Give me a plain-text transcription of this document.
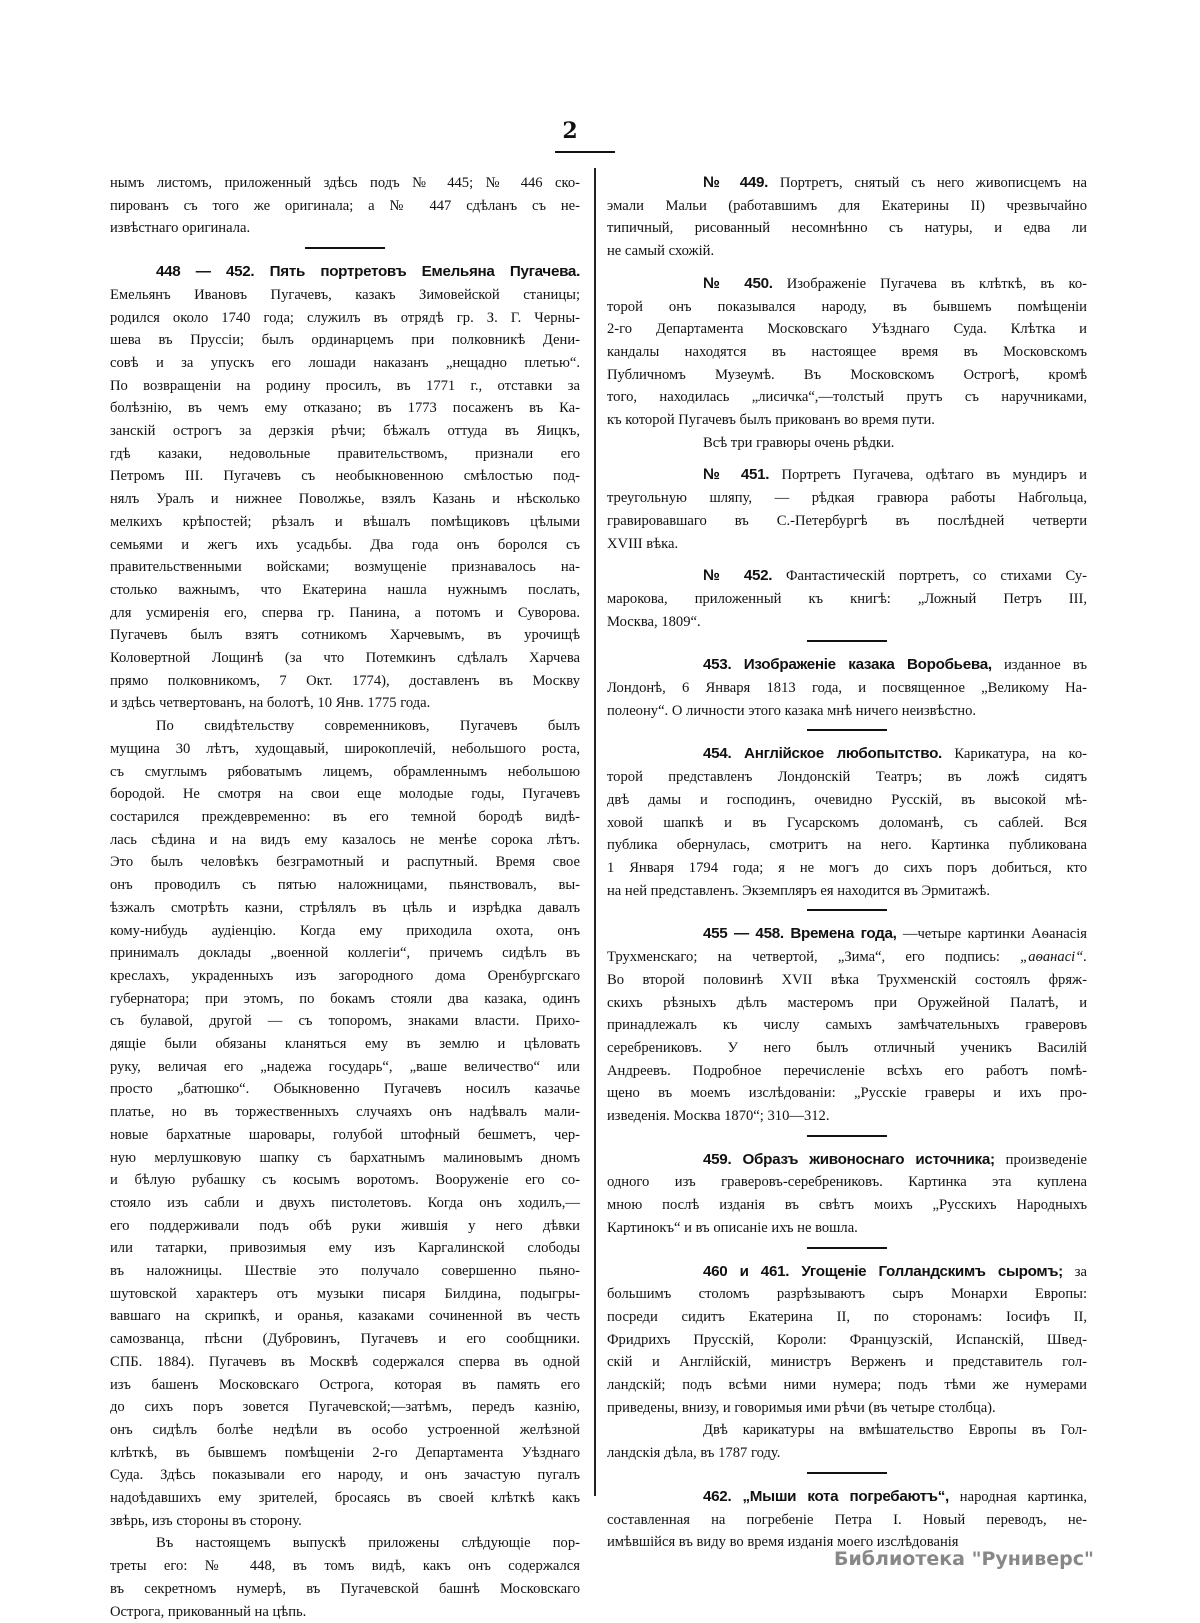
2
нымъ листомъ, приложенный здѣсь подъ № 445; № 446 ско-
пированъ съ того же оригинала; а № 447 сдѣланъ съ не-
извѣстнаго оригинала.
448 — 452. Пять портретовъ Емельяна Пугачева.
Емельянъ Ивановъ Пугачевъ, казакъ Зимовейской станицы;
родился около 1740 года; служилъ въ отрядѣ гр. З. Г. Черны-
шева въ Пруссіи; былъ ординарцемъ при полковникѣ Дени-
совѣ и за упускъ его лошади наказанъ „нещадно плетью“.
По возвращеніи на родину просилъ, въ 1771 г., отставки за
болѣзнію, въ чемъ ему отказано; въ 1773 посаженъ въ Ка-
занскій острогъ за дерзкія рѣчи; бѣжалъ оттуда въ Яицкъ,
гдѣ казаки, недовольные правительствомъ, признали его
Петромъ III. Пугачевъ съ необыкновенною смѣлостью под-
нялъ Уралъ и нижнее Поволжье, взялъ Казань и нѣсколько
мелкихъ крѣпостей; рѣзалъ и вѣшалъ помѣщиковъ цѣлыми
семьями и жегъ ихъ усадьбы. Два года онъ боролся съ
правительственными войсками; возмущеніе признавалось на-
столько важнымъ, что Екатерина нашла нужнымъ послать,
для усмиренія его, сперва гр. Панина, а потомъ и Суворова.
Пугачевъ былъ взятъ сотникомъ Харчевымъ, въ урочищѣ
Коловертной Лощинѣ (за что Потемкинъ сдѣлалъ Харчева
прямо полковникомъ, 7 Окт. 1774), доставленъ въ Москву
и здѣсь четвертованъ, на болотѣ, 10 Янв. 1775 года.
По свидѣтельству современниковъ, Пугачевъ былъ
мущина 30 лѣтъ, худощавый, широкоплечій, небольшого роста,
съ смуглымъ рябоватымъ лицемъ, обрамленнымъ небольшою
бородой. Не смотря на свои еще молодые годы, Пугачевъ
состарился преждевременно: въ его темной бородѣ видѣ-
лась сѣдина и на видъ ему казалось не менѣе сорока лѣтъ.
Это былъ человѣкъ безграмотный и распутный. Время свое
онъ проводилъ съ пятью наложницами, пьянствовалъ, вы-
ѣзжалъ смотрѣть казни, стрѣлялъ въ цѣль и изрѣдка давалъ
кому-нибудь аудіенцію. Когда ему приходила охота, онъ
принималъ доклады „военной коллегіи“, причемъ сидѣлъ въ
креслахъ, украденныхъ изъ загородного дома Оренбургскаго
губернатора; при этомъ, по бокамъ стояли два казака, одинъ
съ булавой, другой — съ топоромъ, знаками власти. Прихо-
дящіе были обязаны кланяться ему въ землю и цѣловать
руку, величая его „надежа государь“, „ваше величество“ или
просто „батюшко“. Обыкновенно Пугачевъ носилъ казачье
платье, но въ торжественныхъ случаяхъ онъ надѣвалъ мали-
новые бархатные шаровары, голубой штофный бешметъ, чер-
ную мерлушковую шапку съ бархатнымъ малиновымъ дномъ
и бѣлую рубашку съ косымъ воротомъ. Вооруженіе его со-
стояло изъ сабли и двухъ пистолетовъ. Когда онъ ходилъ,—
его поддерживали подъ обѣ руки жившія у него дѣвки
или татарки, привозимыя ему изъ Каргалинской слободы
въ наложницы. Шествіе это получало совершенно пьяно-
шутовской характеръ отъ музыки писаря Билдина, подыгры-
вавшаго на скрипкѣ, и оранья, казаками сочиненной въ честь
самозванца, пѣсни (Дубровинъ, Пугачевъ и его сообщники.
СПБ. 1884). Пугачевъ въ Москвѣ содержался сперва въ одной
изъ башенъ Московскаго Острога, которая въ память его
до сихъ поръ зовется Пугачевской;—затѣмъ, передъ казнію,
онъ сидѣлъ болѣе недѣли въ особо устроенной желѣзной
клѣткѣ, въ бывшемъ помѣщеніи 2-го Департамента Уѣзднаго
Суда. Здѣсь показывали его народу, и онъ зачастую пугалъ
надоѣдавшихъ ему зрителей, бросаясь въ своей клѣткѣ какъ
звѣрь, изъ стороны въ сторону.
Въ настоящемъ выпускѣ приложены слѣдующіе пор-
треты его: № 448, въ томъ видѣ, какъ онъ содержался
въ секретномъ нумерѣ, въ Пугачевской башнѣ Московскаго
Острога, прикованный на цѣпь.
№ 449. Портретъ, снятый съ него живописцемъ на
эмали Мальи (работавшимъ для Екатерины II) чрезвычайно
типичный, рисованный несомнѣнно съ натуры, и едва ли
не самый схожій.
№ 450. Изображеніе Пугачева въ клѣткѣ, въ ко-
торой онъ показывался народу, въ бывшемъ помѣщеніи
2-го Департамента Московскаго Уѣзднаго Суда. Клѣтка и
кандалы находятся въ настоящее время въ Московскомъ
Публичномъ Музеумѣ. Въ Московскомъ Острогѣ, кромѣ
того, находилась „лисичка“,—толстый прутъ съ наручниками,
къ которой Пугачевъ былъ прикованъ во время пути.
Всѣ три гравюры очень рѣдки.
№ 451. Портретъ Пугачева, одѣтаго въ мундиръ и
треугольную шляпу, — рѣдкая гравюра работы Набгольца,
гравировавшаго въ С.-Петербургѣ въ послѣдней четверти
XVIII вѣка.
№ 452. Фантастическій портретъ, со стихами Су-
марокова, приложенный къ книгѣ: „Ложный Петръ III,
Москва, 1809“.
453. Изображеніе казака Воробьева, изданное въ
Лондонѣ, 6 Января 1813 года, и посвященное „Великому На-
полеону“. О личности этого казака мнѣ ничего неизвѣстно.
454. Англійское любопытство. Карикатура, на ко-
торой представленъ Лондонскій Театръ; въ ложѣ сидятъ
двѣ дамы и господинъ, очевидно Русскій, въ высокой мѣ-
ховой шапкѣ и въ Гусарскомъ доломанѣ, съ саблей. Вся
публика обернулась, смотритъ на него. Картинка публикована
1 Января 1794 года; я не могъ до сихъ поръ добиться, кто
на ней представленъ. Экземпляръ ея находится въ Эрмитажѣ.
455 — 458. Времена года, —четыре картинки Аѳанасія
Трухменскаго; на четвертой, „Зима“, его подпись: „аѳанасі“.
Во второй половинѣ XVII вѣка Трухменскій состоялъ фряж-
скихъ рѣзныхъ дѣлъ мастеромъ при Оружейной Палатѣ, и
принадлежалъ къ числу самыхъ замѣчательныхъ граверовъ
серебрениковъ. У него былъ отличный ученикъ Василій
Андреевъ. Подробное перечисленіе всѣхъ его работъ помѣ-
щено въ моемъ изслѣдованіи: „Русскіе граверы и ихъ про-
изведенія. Москва 1870“; 310—312.
459. Образъ живоноснаго источника; произведеніе
одного изъ граверовъ-серебрениковъ. Картинка эта куплена
мною послѣ изданія въ свѣтъ моихъ „Русскихъ Народныхъ
Картинокъ“ и въ описаніе ихъ не вошла.
460 и 461. Угощеніе Голландскимъ сыромъ; за
большимъ столомъ разрѣзываютъ сыръ Монархи Европы:
посреди сидитъ Екатерина II, по сторонамъ: Іосифъ II,
Фридрихъ Прусскій, Короли: Французскій, Испанскій, Швед-
скій и Англійскій, министръ Верженъ и представитель гол-
ландскій; подъ всѣми ними нумера; подъ тѣми же нумерами
приведены, внизу, и говоримыя ими рѣчи (въ четыре столбца).
Двѣ карикатуры на вмѣшательство Европы въ Гол-
ландскія дѣла, въ 1787 году.
462. „Мыши кота погребаютъ“, народная картинка,
составленная на погребеніе Петра I. Новый переводъ, не-
имѣвшійся въ виду во время изданія моего изслѣдованія
Библиотека "Руниверс"
